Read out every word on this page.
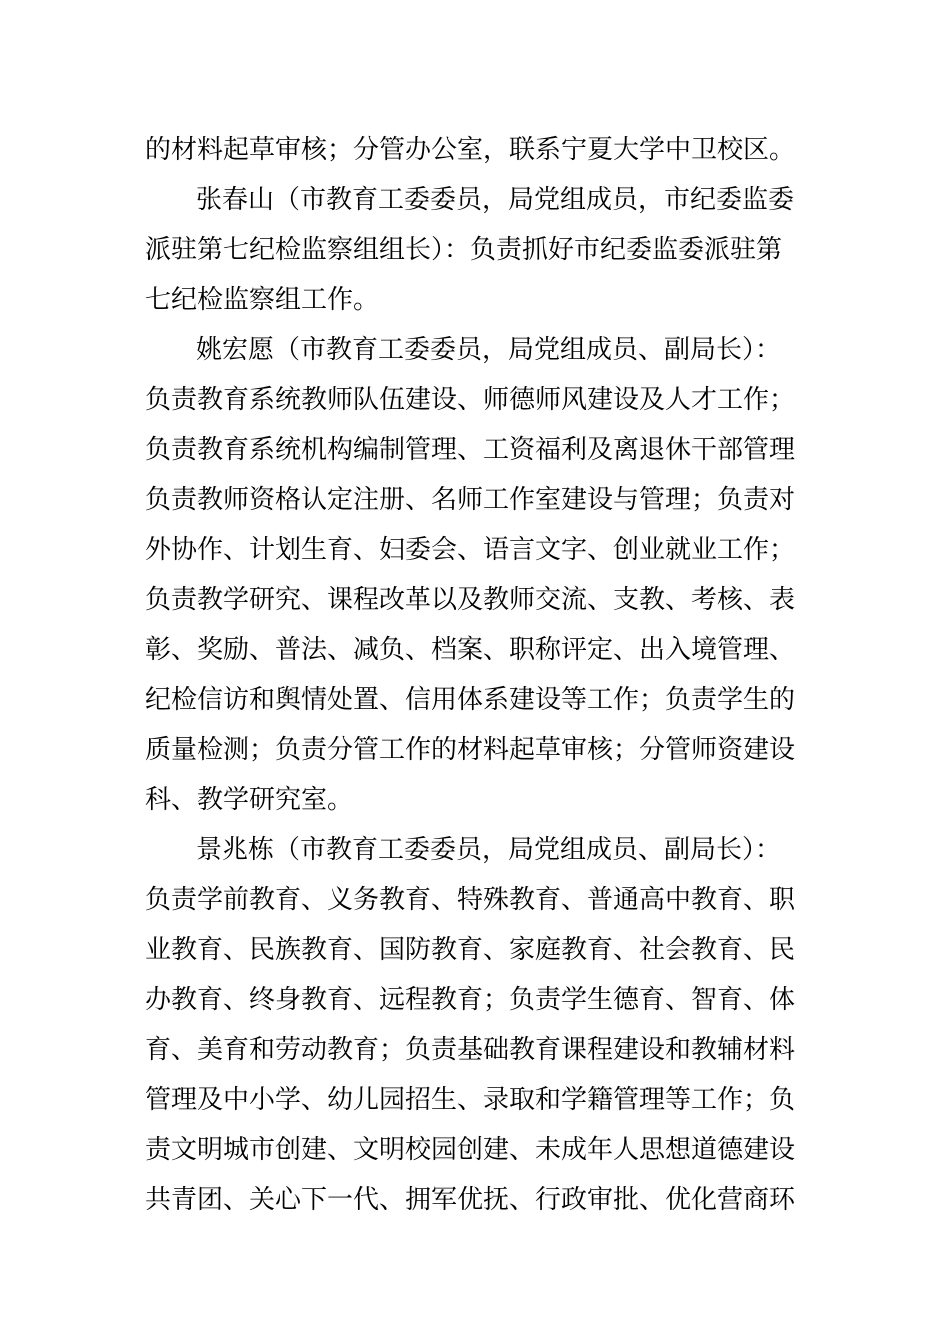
的材料起草审核；分管办公室，联系宁夏大学中卫校区。
张春山（市教育工委委员，局党组成员，市纪委监委
派驻第七纪检监察组组长）：负责抓好市纪委监委派驻第
七纪检监察组工作。
姚宏愿（市教育工委委员，局党组成员、副局长）：
负责教育系统教师队伍建设、师德师风建设及人才工作；
负责教育系统机构编制管理、工资福利及离退休干部管理
负责教师资格认定注册、名师工作室建设与管理；负责对
外协作、计划生育、妇委会、语言文字、创业就业工作；
负责教学研究、课程改革以及教师交流、支教、考核、表
彰、奖励、普法、减负、档案、职称评定、出入境管理、
纪检信访和舆情处置、信用体系建设等工作；负责学生的
质量检测；负责分管工作的材料起草审核；分管师资建设
科、教学研究室。
景兆栋（市教育工委委员，局党组成员、副局长）：
负责学前教育、义务教育、特殊教育、普通高中教育、职
业教育、民族教育、国防教育、家庭教育、社会教育、民
办教育、终身教育、远程教育；负责学生德育、智育、体
育、美育和劳动教育；负责基础教育课程建设和教辅材料
管理及中小学、幼儿园招生、录取和学籍管理等工作；负
责文明城市创建、文明校园创建、未成年人思想道德建设
共青团、关心下一代、拥军优抚、行政审批、优化营商环
